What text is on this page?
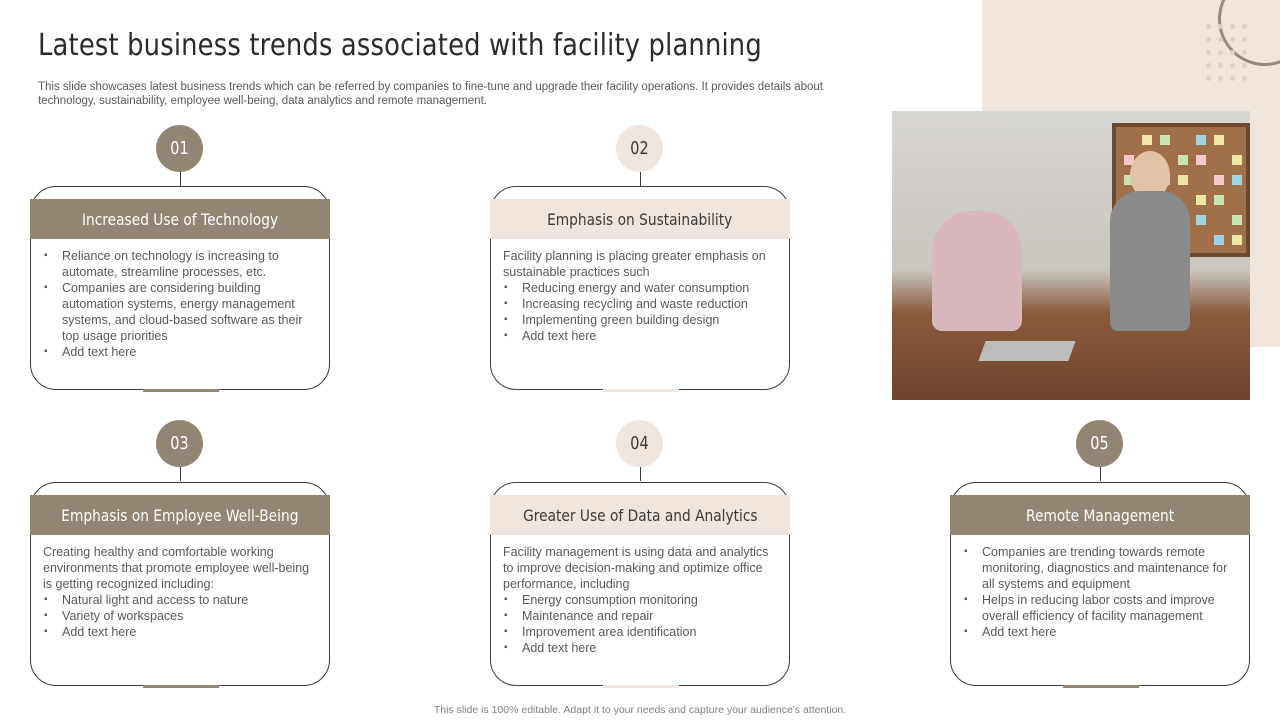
Latest business trends associated with facility planning
This slide showcases latest business trends which can be referred by companies to fine-tune and upgrade their facility operations. It provides details about technology, sustainability, employee well-being, data analytics and remote management.
01
Increased Use of Technology
▪ Reliance on technology is increasing to automate, streamline processes, etc.
▪ Companies are considering building automation systems, energy management systems, and cloud-based software as their top usage priorities
▪ Add text here
02
Emphasis on Sustainability

Facility planning is placing greater emphasis on sustainable practices such

▪ Reducing energy and water consumption
▪ Increasing recycling and waste reduction
▪ Implementing green building design
▪ Add text here
03
Emphasis on Employee Well-Being

Creating healthy and comfortable working environments that promote employee well-being is getting recognized including:

▪ Natural light and access to nature
▪ Variety of workspaces
▪ Add text here
04
Greater Use of Data and Analytics

Facility management is using data and analytics to improve decision-making and optimize office performance, including

▪ Energy consumption monitoring
▪ Maintenance and repair
▪ Improvement area identification
▪ Add text here
05
Remote Management
▪ Companies are trending towards remote monitoring, diagnostics and maintenance for all systems and equipment
▪ Helps in reducing labor costs and improve overall efficiency of facility management
▪ Add text here
This slide is 100% editable. Adapt it to your needs and capture your audience's attention.
